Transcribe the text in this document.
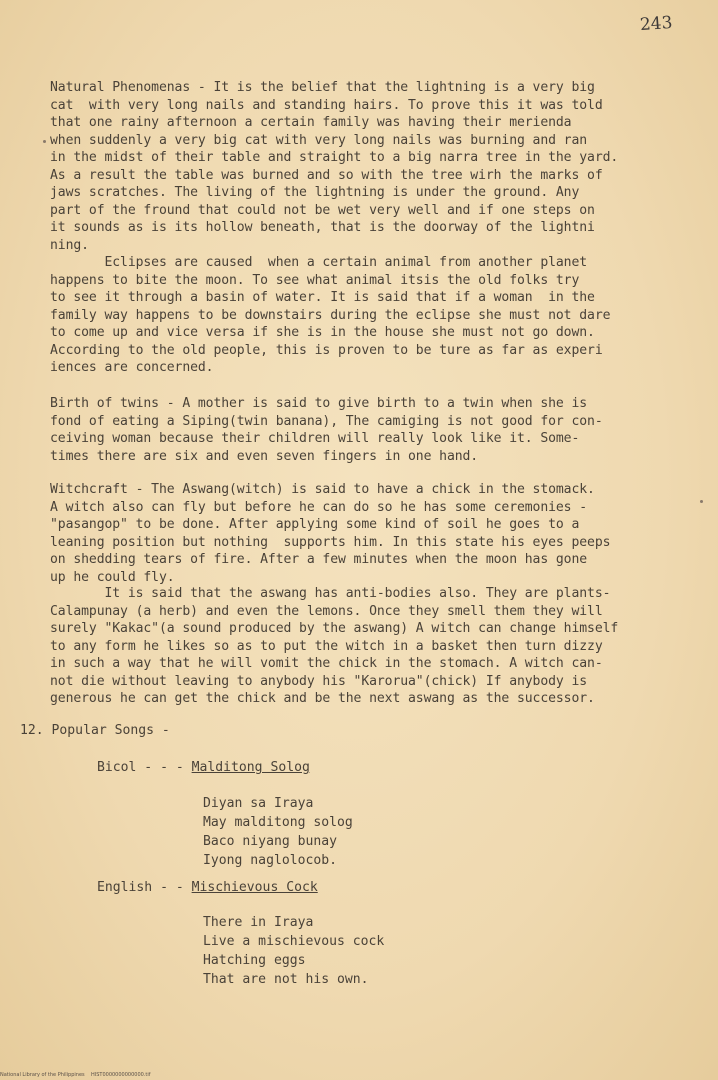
243
Natural Phenomenas - It is the belief that the lightning is a very big
cat  with very long nails and standing hairs. To prove this it was told
that one rainy afternoon a certain family was having their merienda
when suddenly a very big cat with very long nails was burning and ran
in the midst of their table and straight to a big narra tree in the yard.
As a result the table was burned and so with the tree wirh the marks of
jaws scratches. The living of the lightning is under the ground. Any
part of the fround that could not be wet very well and if one steps on
it sounds as is its hollow beneath, that is the doorway of the lightni
ning.
Eclipses are caused  when a certain animal from another planet
happens to bite the moon. To see what animal itsis the old folks try
to see it through a basin of water. It is said that if a woman  in the
family way happens to be downstairs during the eclipse she must not dare
to come up and vice versa if she is in the house she must not go down.
According to the old people, this is proven to be ture as far as experi
iences are concerned.
Birth of twins - A mother is said to give birth to a twin when she is
fond of eating a Siping(twin banana), The camiging is not good for con-
ceiving woman because their children will really look like it. Some-
times there are six and even seven fingers in one hand.
Witchcraft - The Aswang(witch) is said to have a chick in the stomack.
A witch also can fly but before he can do so he has some ceremonies -
"pasangop" to be done. After applying some kind of soil he goes to a
leaning position but nothing  supports him. In this state his eyes peeps
on shedding tears of fire. After a few minutes when the moon has gone
up he could fly.
It is said that the aswang has anti-bodies also. They are plants-
Calampunay (a herb) and even the lemons. Once they smell them they will
surely "Kakac"(a sound produced by the aswang) A witch can change himself
to any form he likes so as to put the witch in a basket then turn dizzy
in such a way that he will vomit the chick in the stomach. A witch can-
not die without leaving to anybody his "Karorua"(chick) If anybody is
generous he can get the chick and be the next aswang as the successor.
12. Popular Songs -
Bicol - - - Malditong Solog
Diyan sa Iraya
May malditong solog
Baco niyang bunay
Iyong naglolocob.
English - - Mischievous Cock
There in Iraya
Live a mischievous cock
Hatching eggs
That are not his own.
National Library of the Philippines    HIST0000000000000.tif
